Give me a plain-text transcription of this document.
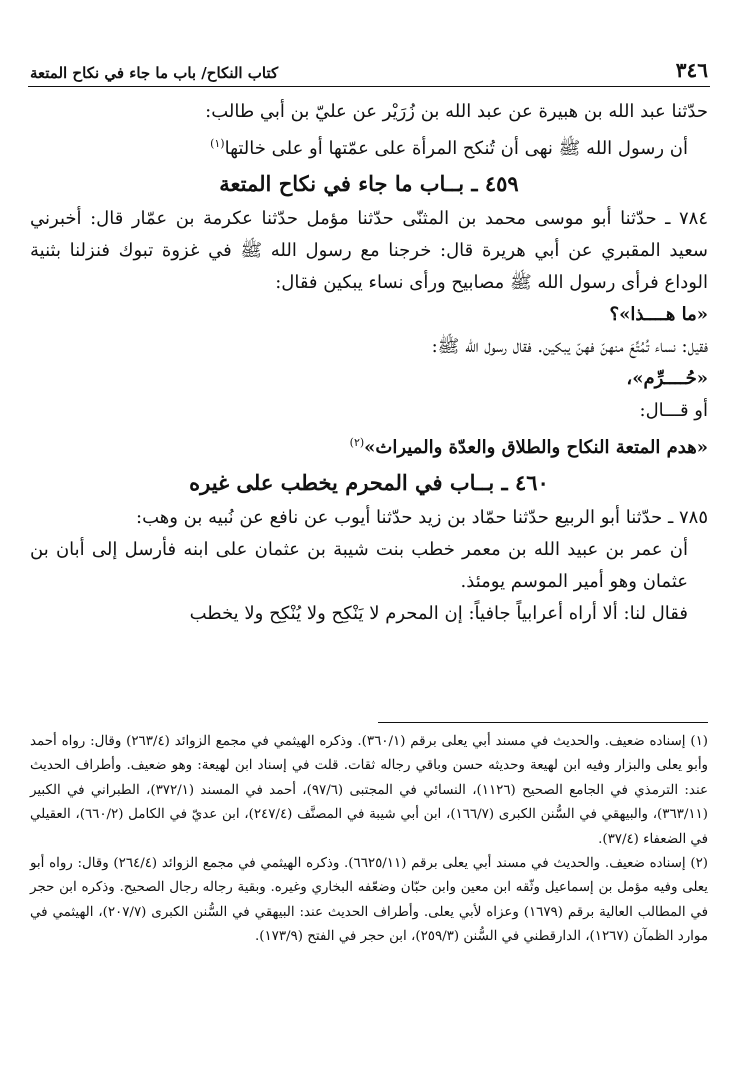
٣٤٦
كتاب النكاح/ باب ما جاء في نكاح المتعة

حدّثنا عبد الله بن هبيرة عن عبد الله بن زُرَيْر عن عليّ بن أبي طالب:

أن رسول الله ﷺ نهى أن تُنكح المرأة على عمّتها أو على خالتها$^{(١)}$

٤٥٩ ـ بــاب ما جاء في نكاح المتعة

٧٨٤ ـ حدّثنا أبو موسى محمد بن المثنّى حدّثنا مؤمل حدّثنا عكرمة بن عمّار قال: أخبرني سعيد المقبري عن أبي هريرة قال: خرجنا مع رسول الله ﷺ في غزوة تبوك فنزلنا بثنية الوداع فرأى رسول الله ﷺ مصابيح ورأى نساء يبكين فقال:

«ما هــــذا»؟

فقيل: نساء تُمُتِّعَ منهنّ فهنّ يبكين. فقال رسول الله ﷺ:

«حُــــرِّم»،

أو قـــال:

«هدم المتعة النكاح والطلاق والعدّة والميراث»$^{(٢)}$

٤٦٠ ـ بــاب في المحرم يخطب على غيره

٧٨٥ ـ حدّثنا أبو الربيع حدّثنا حمّاد بن زيد حدّثنا أيوب عن نافع عن نُبيه بن وهب:

أن عمر بن عبيد الله بن معمر خطب بنت شيبة بن عثمان على ابنه فأرسل إلى أبان بن عثمان وهو أمير الموسم يومئذ.

فقال لنا: ألا أراه أعرابياً جافياً: إن المحرم لا يَنْكِح ولا يُنْكِح ولا يخطب

(١) إسناده ضعيف. والحديث في مسند أبي يعلى برقم (٣٦٠/١). وذكره الهيثمي في مجمع الزوائد (٢٦٣/٤) وقال: رواه أحمد وأبو يعلى والبزار وفيه ابن لهيعة وحديثه حسن وباقي رجاله ثقات. قلت في إسناد ابن لهيعة: وهو ضعيف. وأطراف الحديث عند: الترمذي في الجامع الصحيح (١١٢٦)، النسائي في المجتبى (٩٧/٦)، أحمد في المسند (٣٧٢/١)، الطبراني في الكبير (٣٦٣/١١)، والبيهقي في السُّنن الكبرى (١٦٦/٧)، ابن أبي شيبة في المصنَّف (٢٤٧/٤)، ابن عديّ في الكامل (٦٦٠/٢)، العقيلي في الضعفاء (٣٧/٤).

(٢) إسناده ضعيف. والحديث في مسند أبي يعلى برقم (٦٦٢٥/١١). وذكره الهيثمي في مجمع الزوائد (٢٦٤/٤) وقال: رواه أبو يعلى وفيه مؤمل بن إسماعيل وثّقه ابن معين وابن حبّان وضعّفه البخاري وغيره. وبقية رجاله رجال الصحيح. وذكره ابن حجر في المطالب العالية برقم (١٦٧٩) وعزاه لأبي يعلى. وأطراف الحديث عند: البيهقي في السُّنن الكبرى (٢٠٧/٧)، الهيثمي في موارد الظمآن (١٢٦٧)، الدارقطني في السُّنن (٢٥٩/٣)، ابن حجر في الفتح (١٧٣/٩).
